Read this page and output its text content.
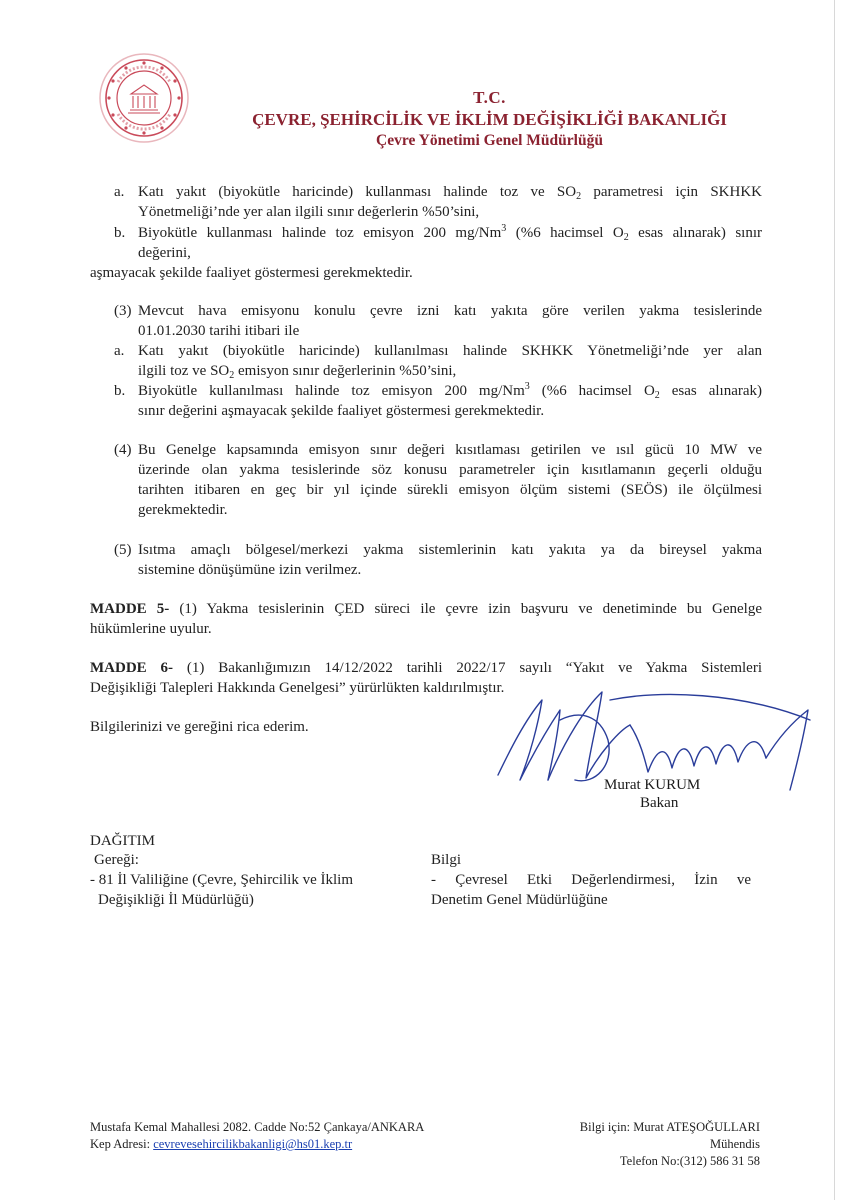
T.C.
ÇEVRE, ŞEHİRCİLİK VE İKLİM DEĞİŞİKLİĞİ BAKANLIĞI
Çevre Yönetimi Genel Müdürlüğü
a. Katı yakıt (biyokütle haricinde) kullanması halinde toz ve $SO_2$ parametresi için SKHKK
Yönetmeliği’nde yer alan ilgili sınır değerlerin %50’sini,
b. Biyokütle kullanması halinde toz emisyon 200 mg/Nm$^3$ (%6 hacimsel $O_2$ esas alınarak) sınır
değerini,
aşmayacak şekilde faaliyet göstermesi gerekmektedir.
(3) Mevcut hava emisyonu konulu çevre izni katı yakıta göre verilen yakma tesislerinde
01.01.2030 tarihi itibari ile
a. Katı yakıt (biyokütle haricinde) kullanılması halinde SKHKK Yönetmeliği’nde yer alan
ilgili toz ve $SO_2$ emisyon sınır değerlerinin %50’sini,
b. Biyokütle kullanılması halinde toz emisyon 200 mg/Nm$^3$ (%6 hacimsel $O_2$ esas alınarak)
sınır değerini aşmayacak şekilde faaliyet göstermesi gerekmektedir.
(4) Bu Genelge kapsamında emisyon sınır değeri kısıtlaması getirilen ve ısıl gücü 10 MW ve
üzerinde olan yakma tesislerinde söz konusu parametreler için kısıtlamanın geçerli olduğu
tarihten itibaren en geç bir yıl içinde sürekli emisyon ölçüm sistemi (SEÖS) ile ölçülmesi
gerekmektedir.
(5) Isıtma amaçlı bölgesel/merkezi yakma sistemlerinin katı yakıta ya da bireysel yakma
sistemine dönüşümüne izin verilmez.
MADDE 5- (1) Yakma tesislerinin ÇED süreci ile çevre izin başvuru ve denetiminde bu Genelge
hükümlerine uyulur.
MADDE 6- (1) Bakanlığımızın 14/12/2022 tarihli 2022/17 sayılı “Yakıt ve Yakma Sistemleri
Değişikliği Talepleri Hakkında Genelgesi” yürürlükten kaldırılmıştır.
Bilgilerinizi ve gereğini rica ederim.
Murat KURUM
Bakan
DAĞITIM
Gereği:
- 81 İl Valiliğine (Çevre, Şehircilik ve İklim
Değişikliği İl Müdürlüğü)
Bilgi
- Çevresel Etki Değerlendirmesi, İzin ve
Denetim Genel Müdürlüğüne
Mustafa Kemal Mahallesi 2082. Cadde No:52 Çankaya/ANKARA
Kep Adresi: cevrevesehircilikbakanligi@hs01.kep.tr
Bilgi için: Murat ATEŞOĞULLARI
Mühendis
Telefon No:(312) 586 31 58
